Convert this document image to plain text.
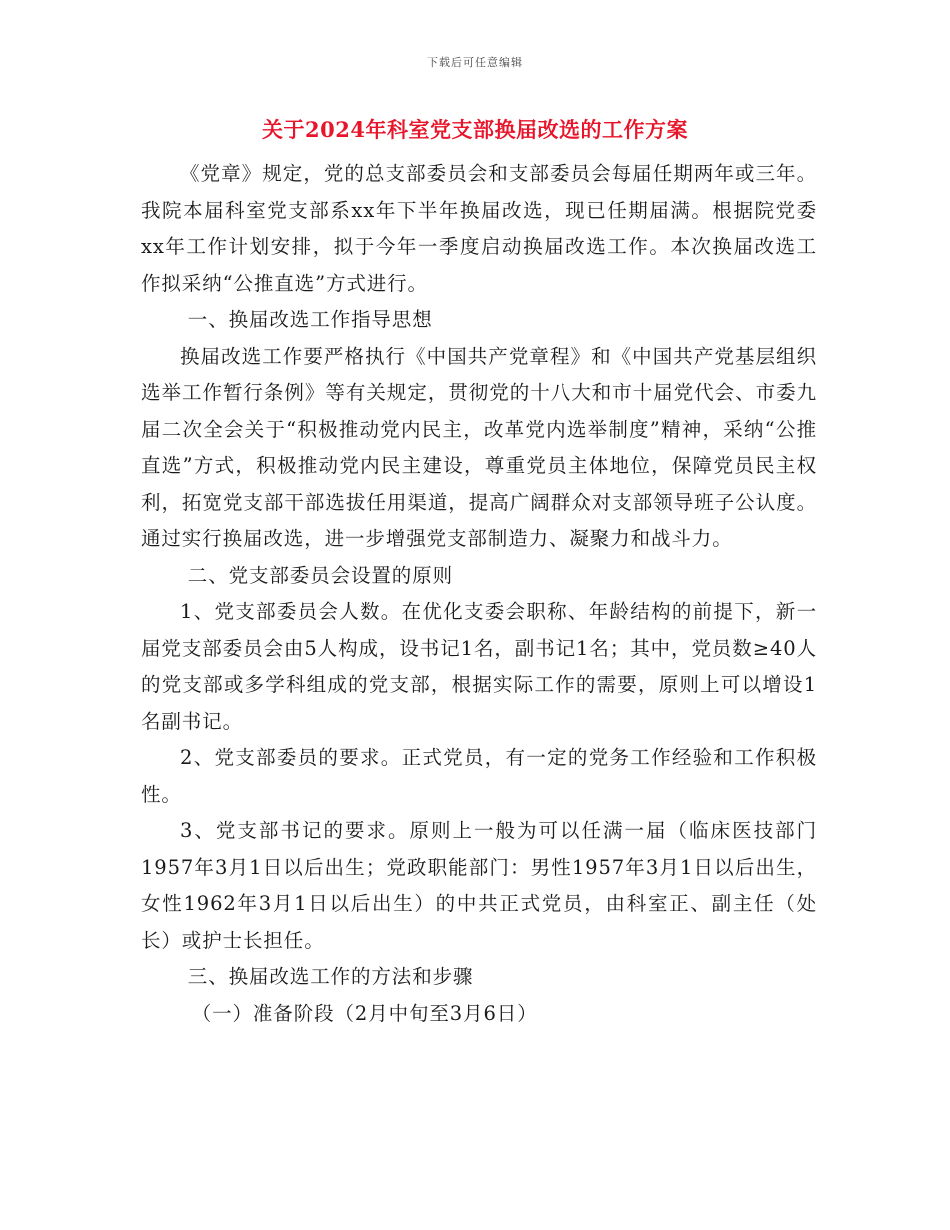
下载后可任意编辑
关于2024年科室党支部换届改选的工作方案

《党章》规定，党的总支部委员会和支部委员会每届任期两年或三年。我院本届科室党支部系xx年下半年换届改选，现已任期届满。根据院党委xx年工作计划安排，拟于今年一季度启动换届改选工作。本次换届改选工作拟采纳“公推直选”方式进行。

一、换届改选工作指导思想

换届改选工作要严格执行《中国共产党章程》和《中国共产党基层组织选举工作暂行条例》等有关规定，贯彻党的十八大和市十届党代会、市委九届二次全会关于“积极推动党内民主，改革党内选举制度”精神，采纳“公推直选”方式，积极推动党内民主建设，尊重党员主体地位，保障党员民主权利，拓宽党支部干部选拔任用渠道，提高广阔群众对支部领导班子公认度。通过实行换届改选，进一步增强党支部制造力、凝聚力和战斗力。

二、党支部委员会设置的原则

1、党支部委员会人数。在优化支委会职称、年龄结构的前提下，新一届党支部委员会由5人构成，设书记1名，副书记1名；其中，党员数≥40人的党支部或多学科组成的党支部，根据实际工作的需要，原则上可以增设1名副书记。

2、党支部委员的要求。正式党员，有一定的党务工作经验和工作积极性。

3、党支部书记的要求。原则上一般为可以任满一届（临床医技部门1957年3月1日以后出生；党政职能部门：男性1957年3月1日以后出生，女性1962年3月1日以后出生）的中共正式党员，由科室正、副主任（处长）或护士长担任。

三、换届改选工作的方法和步骤

（一）准备阶段（2月中旬至3月6日）
